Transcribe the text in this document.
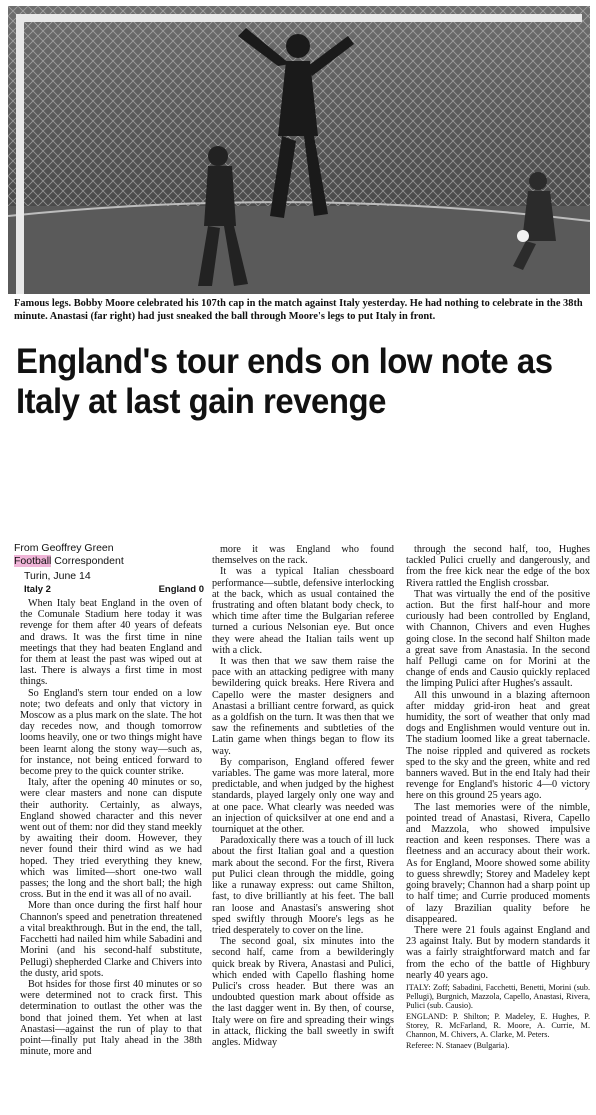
Famous legs. Bobby Moore celebrated his 107th cap in the match against Italy yesterday. He had nothing to celebrate in the 38th minute. Anastasi (far right) had just sneaked the ball through Moore's legs to put Italy in front.

England's tour ends on low note as Italy at last gain revenge
From Geoffrey Green
Football Correspondent
Turin, June 14
Italy 2	England 0

When Italy beat England in the oven of the Comunale Stadium here today it was revenge for them after 40 years of defeats and draws. It was the first time in nine meetings that they had beaten England and for them at least the past was wiped out at last. There is always a first time in most things.

So England's stern tour ended on a low note; two defeats and only that victory in Moscow as a plus mark on the slate. The hot day recedes now, and though tomorrow looms heavily, one or two things might have been learnt along the stony way—such as, for instance, not being enticed forward to become prey to the quick counter strike.

Italy, after the opening 40 minutes or so, were clear masters and none can dispute their authority. Certainly, as always, England showed character and this never went out of them: nor did they stand meekly by awaiting their doom. However, they never found their third wind as we had hoped. They tried everything they knew, which was limited—short one-two wall passes; the long and the short ball; the high cross. But in the end it was all of no avail.

More than once during the first half hour Channon's speed and penetration threatened a vital breakthrough. But in the end, the tall, Facchetti had nailed him while Sabadini and Morini (and his second-half substitute, Pellugi) shepherded Clarke and Chivers into the dusty, arid spots.

Bot hsides for those first 40 minutes or so were determined not to crack first. This determination to outlast the other was the bond that joined them. Yet when at last Anastasi—against the run of play to that point—finally put Italy ahead in the 38th minute, more and

more it was England who found themselves on the rack.

It was a typical Italian chessboard performance—subtle, defensive interlocking at the back, which as usual contained the frustrating and often blatant body check, to which time after time the Bulgarian referee turned a curious Nelsonian eye. But once they were ahead the Italian tails went up with a click.

It was then that we saw them raise the pace with an attacking pedigree with many bewildering quick breaks. Here Rivera and Capello were the master designers and Anastasi a brilliant centre forward, as quick as a goldfish on the turn. It was then that we saw the refinements and subtleties of the Latin game when things began to flow its way.

By comparison, England offered fewer variables. The game was more lateral, more predictable, and when judged by the highest standards, played largely only one way and at one pace. What clearly was needed was an injection of quicksilver at one end and a tourniquet at the other.

Paradoxically there was a touch of ill luck about the first Italian goal and a question mark about the second. For the first, Rivera put Pulici clean through the middle, going like a runaway express: out came Shilton, fast, to dive brilliantly at his feet. The ball ran loose and Anastasi's answering shot sped swiftly through Moore's legs as he tried desperately to cover on the line.

The second goal, six minutes into the second half, came from a bewilderingly quick break by Rivera, Anastasi and Pulici, which ended with Capello flashing home Pulici's cross header. But there was an undoubted question mark about offside as the last dagger went in. By then, of course, Italy were on fire and spreading their wings in attack, flicking the ball sweetly in swift angles. Midway

through the second half, too, Hughes tackled Pulici cruelly and dangerously, and from the free kick near the edge of the box Rivera rattled the English crossbar.

That was virtually the end of the positive action. But the first half-hour and more curiously had been controlled by England, with Channon, Chivers and even Hughes going close. In the second half Shilton made a great save from Anastasia. In the second half Pellugi came on for Morini at the change of ends and Causio quickly replaced the limping Pulici after Hughes's assault.

All this unwound in a blazing afternoon after midday grid-iron heat and great humidity, the sort of weather that only mad dogs and Englishmen would venture out in. The stadium loomed like a great tabernacle. The noise rippled and quivered as rockets sped to the sky and the green, white and red banners waved. But in the end Italy had their revenge for England's historic 4—0 victory here on this ground 25 years ago.

The last memories were of the nimble, pointed tread of Anastasi, Rivera, Capello and Mazzola, who showed impulsive reaction and keen responses. There was a fleetness and an accuracy about their work. As for England, Moore showed some ability to guess shrewdly; Storey and Madeley kept going bravely; Channon had a sharp point up to half time; and Currie produced moments of lazy Brazilian quality before he disappeared.

There were 21 fouls against England and 23 against Italy. But by modern standards it was a fairly straightforward match and far from the echo of the battle of Highbury nearly 40 years ago.

ITALY: Zoff; Sabadini, Facchetti, Benetti, Morini (sub. Pellugi), Burgnich, Mazzola, Capello, Anastasi, Rivera, Pulici (sub. Causio).

ENGLAND: P. Shilton; P. Madeley, E. Hughes, P. Storey, R. McFarland, R. Moore, A. Currie, M. Channon, M. Chivers, A. Clarke, M. Peters.

Referee: N. Stanaev (Bulgaria).
